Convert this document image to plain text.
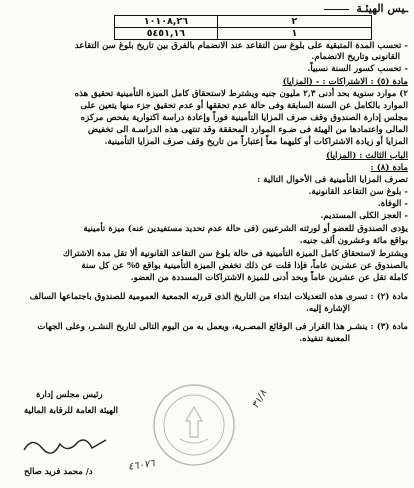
ـيس الهيئـة
١٠١٠٨,٢٦	٢
٥٤٥١,١٦	١
- تحسب المدة المتبقية على بلوغ سن التقاعد عند الانضمام بالفرق بين تاريخ بلوغ سن التقاعد
القانونى وتاريخ الانضمام.
- تحسب كسور السنة نسبياً.
مادة (٥) : الاشتراكات : - (المزايا)
٢) موارد سنوية بحد أدنى ٢,٣ مليون جنيه ويشترط لاستحقاق كامل الميزة التأمينية تحقيق هذه
الموارد بالكامل عن السنة السابقة وفى حالة عدم تحققها أو عدم تحقيق جزء منها يتعين على
مجلس إدارة الصندوق وقف صرف المزايا التأمينية فوراً وإعادة دراسة اكتوارية بفحص مركزه
المالى واعتمادها من الهيئة فى ضـوء الموارد المحققة وقد تنتهى هذه الدراسـة الى تخفيض
المزايا أو زيادة الاشتراكات أو كليهما معاً إعتباراً من تاريخ وقف صرف المزايا التأمينية.
الباب الثالث : (المزايا)
مادة (٨) :
تصرف المزايا التأمينية فى الأحوال التالية :
- بلوغ سن التقاعد القانونية.
- الوفاة.
- العجز الكلى المستديم.
يؤدى الصندوق للعضو أو لورثته الشرعيين (فى حالة عدم تحديد مستفيدين عنه) ميزة تأمينية
بواقع مائة وعشرون ألف جنيه.
ويشترط لاستحقاق كامل الميزة التأمينية فى حالة بلوغ سن التقاعد القانونية ألا تقل مدة الاشتراك
بالصندوق عن عشرين عاماً، فإذا قلت عن ذلك تخفض الميزة التأمينية بواقع ٥% عن كل سنة
كاملة تقل عن عشرين عاماً وبحد أدنى للميزة الاشتراكات المسددة من العضو.
مادة (٢) : تسرى هذه التعديلات ابتداء من التاريخ الذى قررته الجمعية العمومية للصندوق باجتماعها السالف
الإشارة إليه.
مادة (٣) : ينشـر هذا القرار فى الوقائع المصـرية، ويعمل به من اليوم التالى لتاريخ النشـر، وعلى الجهات
المعنية تنفيذه.
٣١/٨
٤٦٠٧٦
رئيس مجلس إدارة
الهيئة العامة للرقابة المالية
د/ محمد فريد صالح
